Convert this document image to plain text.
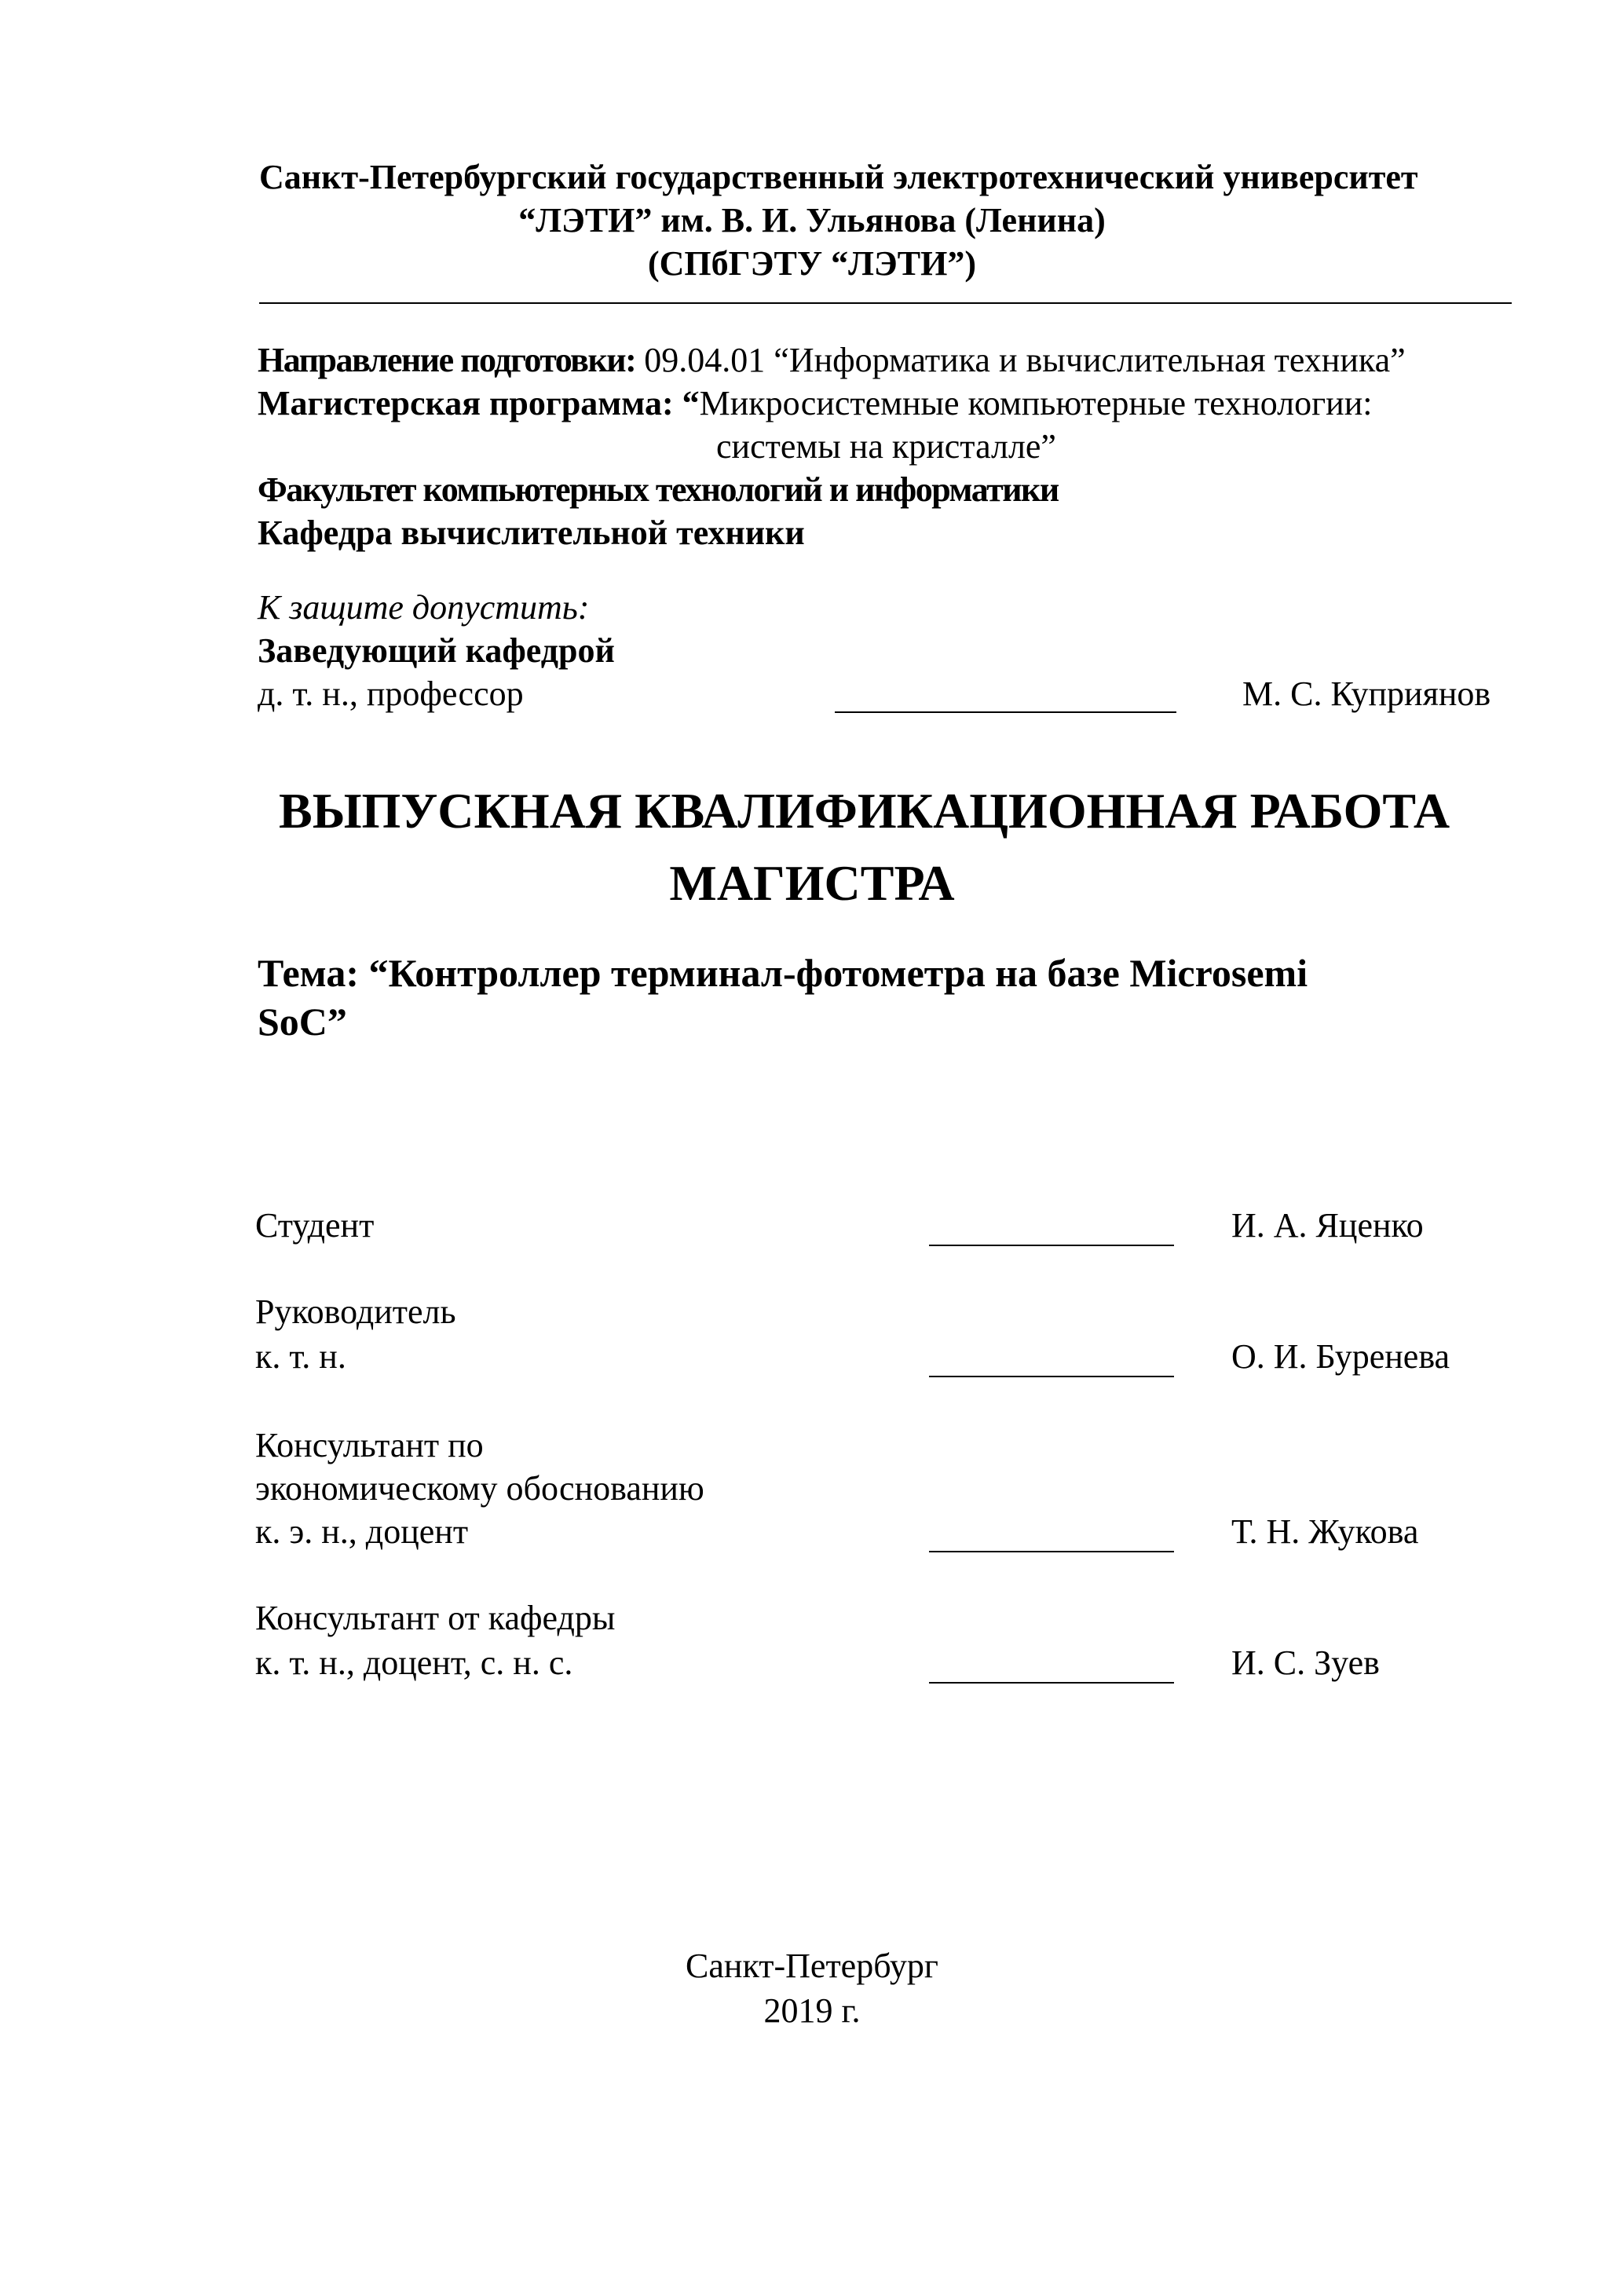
Санкт-Петербургский государственный электротехнический университет
“ЛЭТИ” им. В. И. Ульянова (Ленина)
(СПбГЭТУ “ЛЭТИ”)
Направление подготовки: 09.04.01 “Информатика и вычислительная техника”
Магистерская программа: “Микросистемные компьютерные технологии:
системы на кристалле”
Факультет компьютерных технологий и информатики
Кафедра вычислительной техники
К защите допустить:
Заведующий кафедрой
д. т. н., профессор	М. С. Куприянов
ВЫПУСКНАЯ КВАЛИФИКАЦИОННАЯ РАБОТА
МАГИСТРА
Тема: “Контроллер терминал-фотометра на базе Microsemi
SoC”
Студент	И. А. Яценко
Руководитель
к. т. н.	О. И. Буренева
Консультант по
экономическому обоснованию
к. э. н., доцент	Т. Н. Жукова
Консультант от кафедры
к. т. н., доцент, с. н. с.	И. С. Зуев
Санкт-Петербург
2019 г.
